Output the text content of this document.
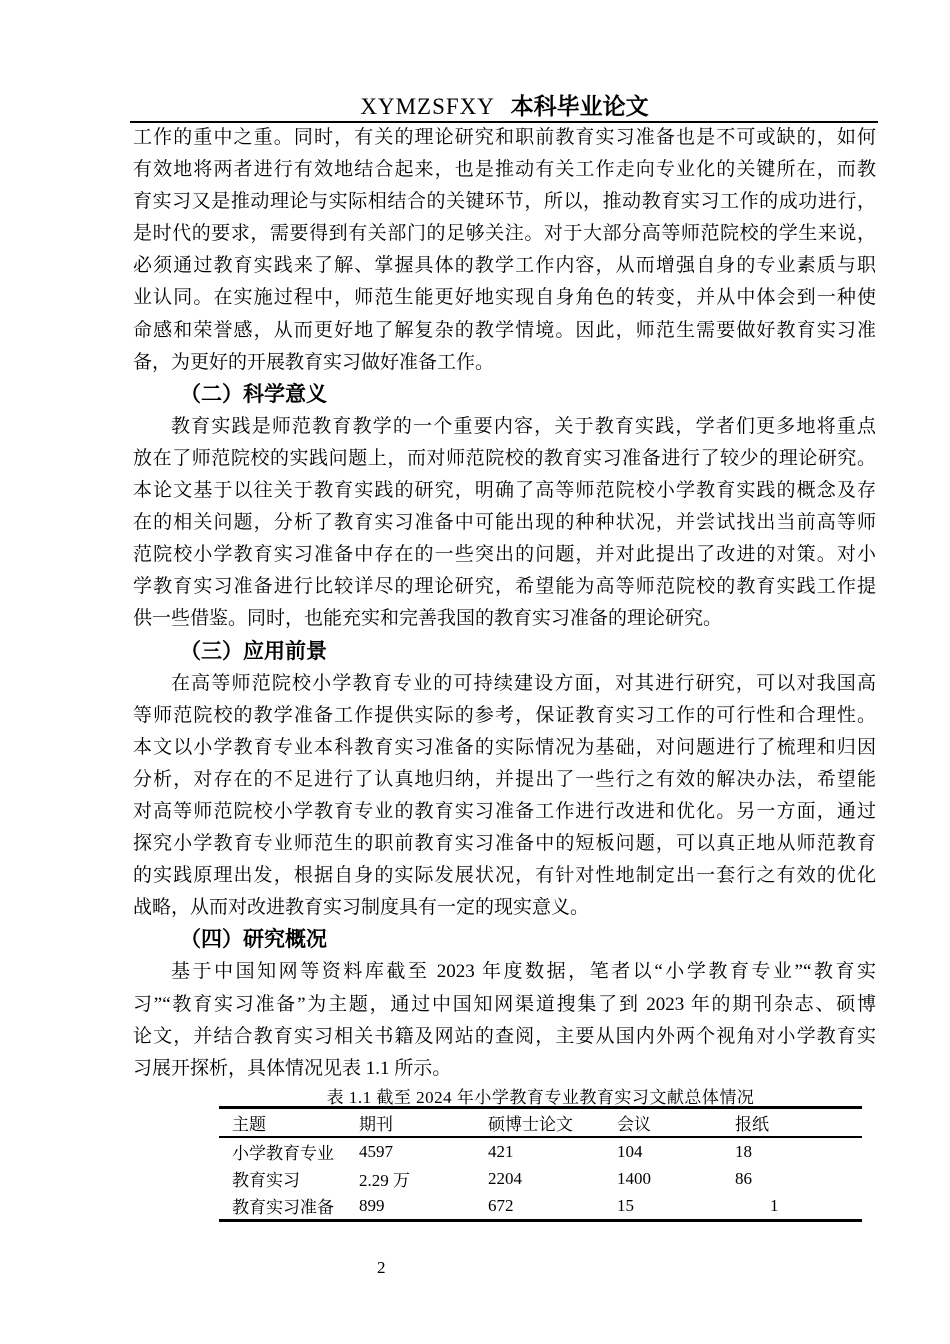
XYMZSFXY 本科毕业论文
工作的重中之重。同时，有关的理论研究和职前教育实习准备也是不可或缺的，如何
有效地将两者进行有效地结合起来，也是推动有关工作走向专业化的关键所在，而教
育实习又是推动理论与实际相结合的关键环节，所以，推动教育实习工作的成功进行，
是时代的要求，需要得到有关部门的足够关注。对于大部分高等师范院校的学生来说，
必须通过教育实践来了解、掌握具体的教学工作内容，从而增强自身的专业素质与职
业认同。在实施过程中，师范生能更好地实现自身角色的转变，并从中体会到一种使
命感和荣誉感，从而更好地了解复杂的教学情境。因此，师范生需要做好教育实习准
备，为更好的开展教育实习做好准备工作。
（二）科学意义
教育实践是师范教育教学的一个重要内容，关于教育实践，学者们更多地将重点
放在了师范院校的实践问题上，而对师范院校的教育实习准备进行了较少的理论研究。
本论文基于以往关于教育实践的研究，明确了高等师范院校小学教育实践的概念及存
在的相关问题，分析了教育实习准备中可能出现的种种状况，并尝试找出当前高等师
范院校小学教育实习准备中存在的一些突出的问题，并对此提出了改进的对策。对小
学教育实习准备进行比较详尽的理论研究，希望能为高等师范院校的教育实践工作提
供一些借鉴。同时，也能充实和完善我国的教育实习准备的理论研究。
（三）应用前景
在高等师范院校小学教育专业的可持续建设方面，对其进行研究，可以对我国高
等师范院校的教学准备工作提供实际的参考，保证教育实习工作的可行性和合理性。
本文以小学教育专业本科教育实习准备的实际情况为基础，对问题进行了梳理和归因
分析，对存在的不足进行了认真地归纳，并提出了一些行之有效的解决办法，希望能
对高等师范院校小学教育专业的教育实习准备工作进行改进和优化。另一方面，通过
探究小学教育专业师范生的职前教育实习准备中的短板问题，可以真正地从师范教育
的实践原理出发，根据自身的实际发展状况，有针对性地制定出一套行之有效的优化
战略，从而对改进教育实习制度具有一定的现实意义。
（四）研究概况
基于中国知网等资料库截至 2023 年度数据，笔者以“小学教育专业”“教育实
习”“教育实习准备”为主题，通过中国知网渠道搜集了到 2023 年的期刊杂志、硕博
论文，并结合教育实习相关书籍及网站的查阅，主要从国内外两个视角对小学教育实
习展开探析，具体情况见表 1.1 所示。
表 1.1 截至 2024 年小学教育专业教育实习文献总体情况
主题	期刊	硕博士论文	会议	报纸
小学教育专业	4597	421	104	18
教育实习	2.29 万	2204	1400	86
教育实习准备	899	672	15	1
2
